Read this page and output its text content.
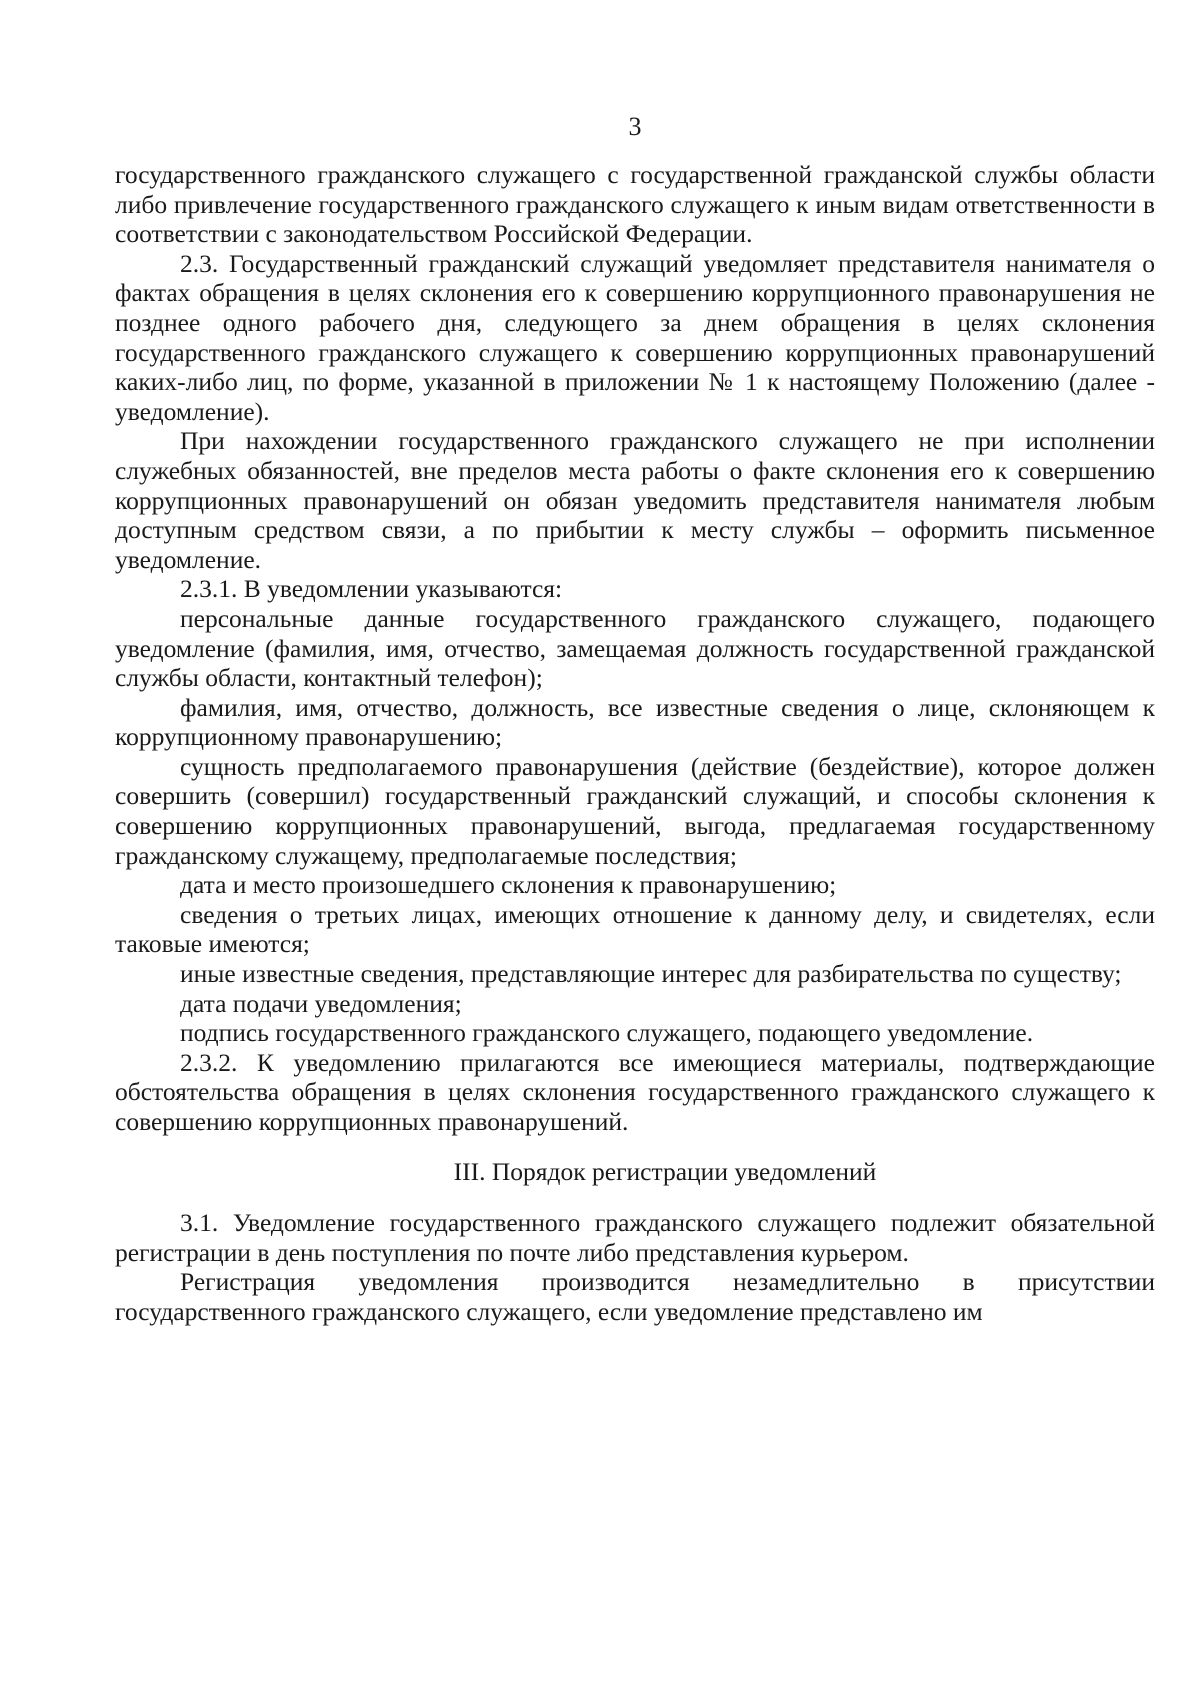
3

государственного гражданского служащего с государственной гражданской службы области либо привлечение государственного гражданского служащего к иным видам ответственности в соответствии с законодательством Российской Федерации.

2.3. Государственный гражданский служащий уведомляет представителя нанимателя о фактах обращения в целях склонения его к совершению коррупционного правонарушения не позднее одного рабочего дня, следующего за днем обращения в целях склонения государственного гражданского служащего к совершению коррупционных правонарушений каких-либо лиц, по форме, указанной в приложении № 1 к настоящему Положению (далее - уведомление).

При нахождении государственного гражданского служащего не при исполнении служебных обязанностей, вне пределов места работы о факте склонения его к совершению коррупционных правонарушений он обязан уведомить представителя нанимателя любым доступным средством связи, а по прибытии к месту службы – оформить письменное уведомление.

2.3.1. В уведомлении указываются:

персональные данные государственного гражданского служащего, подающего уведомление (фамилия, имя, отчество, замещаемая должность государственной гражданской службы области, контактный телефон);

фамилия, имя, отчество, должность, все известные сведения о лице, склоняющем к коррупционному правонарушению;

сущность предполагаемого правонарушения (действие (бездействие), которое должен совершить (совершил) государственный гражданский служащий, и способы склонения к совершению коррупционных правонарушений, выгода, предлагаемая государственному гражданскому служащему, предполагаемые последствия;

дата и место произошедшего склонения к правонарушению;

сведения о третьих лицах, имеющих отношение к данному делу, и свидетелях, если таковые имеются;

иные известные сведения, представляющие интерес для разбирательства по существу;

дата подачи уведомления;

подпись государственного гражданского служащего, подающего уведомление.

2.3.2. К уведомлению прилагаются все имеющиеся материалы, подтверждающие обстоятельства обращения в целях склонения государственного гражданского служащего к совершению коррупционных правонарушений.

III. Порядок регистрации уведомлений

3.1. Уведомление государственного гражданского служащего подлежит обязательной регистрации в день поступления по почте либо представления курьером.

Регистрация уведомления производится незамедлительно в присутствии государственного гражданского служащего, если уведомление представлено им
